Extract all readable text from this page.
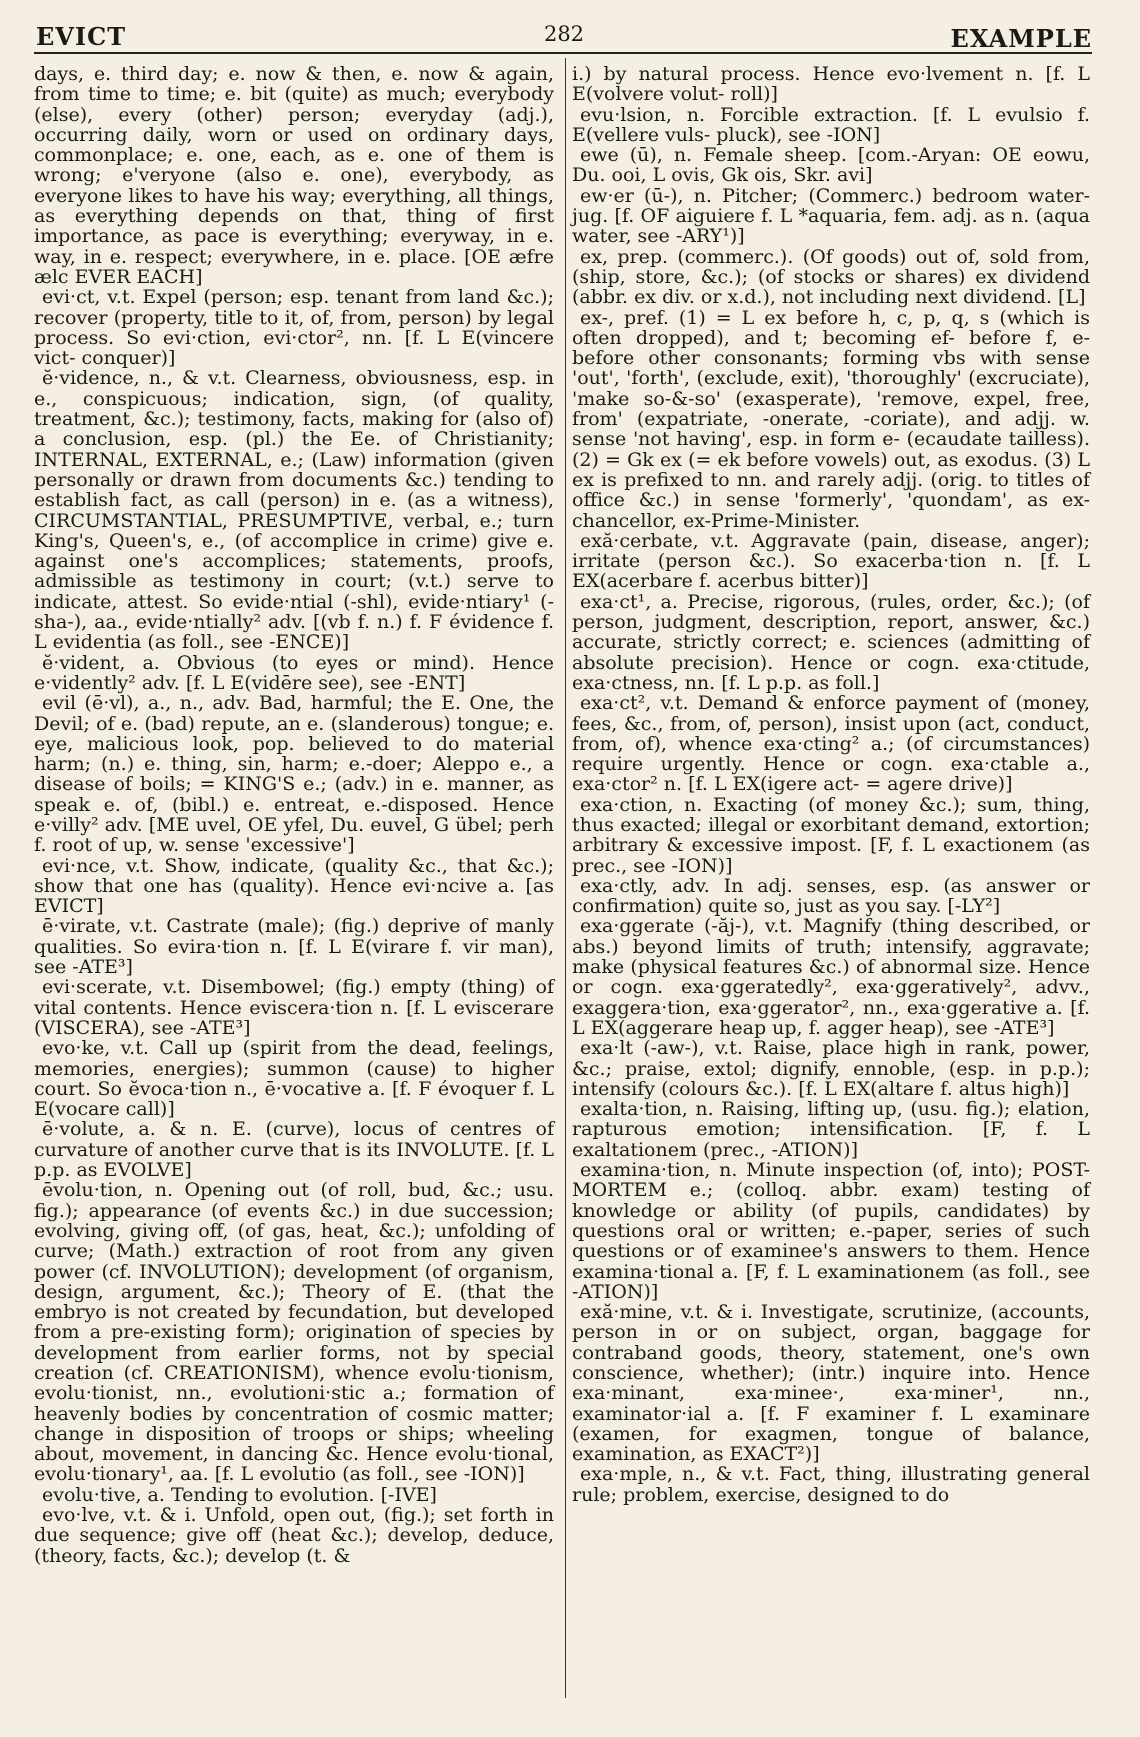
EVICT	282	EXAMPLE

days, e. third day; e. now & then, e. now & again, from time to time; e. bit (quite) as much; everybody (else), every (other) person; everyday (adj.), occurring daily, worn or used on ordinary days, commonplace; e. one, each, as e. one of them is wrong; e'veryone (also e. one), everybody, as everyone likes to have his way; everything, all things, as everything depends on that, thing of first importance, as pace is everything; everyway, in e. way, in e. respect; everywhere, in e. place. [OE æfre ælc EVER EACH]

evi·ct, v.t. Expel (person; esp. tenant from land &c.); recover (property, title to it, of, from, person) by legal process. So evi·ction, evi·ctor², nn. [f. L E(vincere vict- conquer)]

ĕ·vidence, n., & v.t. Clearness, obviousness, esp. in e., conspicuous; indication, sign, (of quality, treatment, &c.); testimony, facts, making for (also of) a conclusion, esp. (pl.) the Ee. of Christianity; INTERNAL, EXTERNAL, e.; (Law) information (given personally or drawn from documents &c.) tending to establish fact, as call (person) in e. (as a witness), CIRCUMSTANTIAL, PRESUMPTIVE, verbal, e.; turn King's, Queen's, e., (of accomplice in crime) give e. against one's accomplices; statements, proofs, admissible as testimony in court; (v.t.) serve to indicate, attest. So evide·ntial (-shl), evide·ntiary¹ (-sha-), aa., evide·ntially² adv. [(vb f. n.) f. F évidence f. L evidentia (as foll., see -ENCE)]

ĕ·vident, a. Obvious (to eyes or mind). Hence e·vidently² adv. [f. L E(vidēre see), see -ENT]

evil (ē·vl), a., n., adv. Bad, harmful; the E. One, the Devil; of e. (bad) repute, an e. (slanderous) tongue; e. eye, malicious look, pop. believed to do material harm; (n.) e. thing, sin, harm; e.-doer; Aleppo e., a disease of boils; = KING'S e.; (adv.) in e. manner, as speak e. of, (bibl.) e. entreat, e.-disposed. Hence e·villy² adv. [ME uvel, OE yfel, Du. euvel, G übel; perh f. root of up, w. sense 'excessive']

evi·nce, v.t. Show, indicate, (quality &c., that &c.); show that one has (quality). Hence evi·ncive a. [as EVICT]

ē·virate, v.t. Castrate (male); (fig.) deprive of manly qualities. So evira·tion n. [f. L E(virare f. vir man), see -ATE³]

evi·scerate, v.t. Disembowel; (fig.) empty (thing) of vital contents. Hence eviscera·tion n. [f. L eviscerare (VISCERA), see -ATE³]

evo·ke, v.t. Call up (spirit from the dead, feelings, memories, energies); summon (cause) to higher court. So ĕvoca·tion n., ē·vocative a. [f. F évoquer f. L E(vocare call)]

ē·volute, a. & n. E. (curve), locus of centres of curvature of another curve that is its INVOLUTE. [f. L p.p. as EVOLVE]

ēvolu·tion, n. Opening out (of roll, bud, &c.; usu. fig.); appearance (of events &c.) in due succession; evolving, giving off, (of gas, heat, &c.); unfolding of curve; (Math.) extraction of root from any given power (cf. INVOLUTION); development (of organism, design, argument, &c.); Theory of E. (that the embryo is not created by fecundation, but developed from a pre-existing form); origination of species by development from earlier forms, not by special creation (cf. CREATIONISM), whence evolu·tionism, evolu·tionist, nn., evolutioni·stic a.; formation of heavenly bodies by concentration of cosmic matter; change in disposition of troops or ships; wheeling about, movement, in dancing &c. Hence evolu·tional, evolu·tionary¹, aa. [f. L evolutio (as foll., see -ION)]

evolu·tive, a. Tending to evolution. [-IVE]

evo·lve, v.t. & i. Unfold, open out, (fig.); set forth in due sequence; give off (heat &c.); develop, deduce, (theory, facts, &c.); develop (t. &

i.) by natural process. Hence evo·lvement n. [f. L E(volvere volut- roll)]

evu·lsion, n. Forcible extraction. [f. L evulsio f. E(vellere vuls- pluck), see -ION]

ewe (ū), n. Female sheep. [com.-Aryan: OE eowu, Du. ooi, L ovis, Gk ois, Skr. avi]

ew·er (ū-), n. Pitcher; (Commerc.) bedroom water-jug. [f. OF aiguiere f. L *aquaria, fem. adj. as n. (aqua water, see -ARY¹)]

ex, prep. (commerc.). (Of goods) out of, sold from, (ship, store, &c.); (of stocks or shares) ex dividend (abbr. ex div. or x.d.), not including next dividend. [L]

ex-, pref. (1) = L ex before h, c, p, q, s (which is often dropped), and t; becoming ef- before f, e- before other consonants; forming vbs with sense 'out', 'forth', (exclude, exit), 'thoroughly' (excruciate), 'make so-&-so' (exasperate), 'remove, expel, free, from' (expatriate, -onerate, -coriate), and adjj. w. sense 'not having', esp. in form e- (ecaudate tailless). (2) = Gk ex (= ek before vowels) out, as exodus. (3) L ex is prefixed to nn. and rarely adjj. (orig. to titles of office &c.) in sense 'formerly', 'quondam', as ex-chancellor, ex-Prime-Minister.

exă·cerbate, v.t. Aggravate (pain, disease, anger); irritate (person &c.). So exacerba·tion n. [f. L EX(acerbare f. acerbus bitter)]

exa·ct¹, a. Precise, rigorous, (rules, order, &c.); (of person, judgment, description, report, answer, &c.) accurate, strictly correct; e. sciences (admitting of absolute precision). Hence or cogn. exa·ctitude, exa·ctness, nn. [f. L p.p. as foll.]

exa·ct², v.t. Demand & enforce payment of (money, fees, &c., from, of, person), insist upon (act, conduct, from, of), whence exa·cting² a.; (of circumstances) require urgently. Hence or cogn. exa·ctable a., exa·ctor² n. [f. L EX(igere act- = agere drive)]

exa·ction, n. Exacting (of money &c.); sum, thing, thus exacted; illegal or exorbitant demand, extortion; arbitrary & excessive impost. [F, f. L exactionem (as prec., see -ION)]

exa·ctly, adv. In adj. senses, esp. (as answer or confirmation) quite so, just as you say. [-LY²]

exa·ggerate (-ăj-), v.t. Magnify (thing described, or abs.) beyond limits of truth; intensify, aggravate; make (physical features &c.) of abnormal size. Hence or cogn. exa·ggeratedly², exa·ggeratively², advv., exaggera·tion, exa·ggerator², nn., exa·ggerative a. [f. L EX(aggerare heap up, f. agger heap), see -ATE³]

exa·lt (-aw-), v.t. Raise, place high in rank, power, &c.; praise, extol; dignify, ennoble, (esp. in p.p.); intensify (colours &c.). [f. L EX(altare f. altus high)]

exalta·tion, n. Raising, lifting up, (usu. fig.); elation, rapturous emotion; intensification. [F, f. L exaltationem (prec., -ATION)]

examina·tion, n. Minute inspection (of, into); POST-MORTEM e.; (colloq. abbr. exam) testing of knowledge or ability (of pupils, candidates) by questions oral or written; e.-paper, series of such questions or of examinee's answers to them. Hence examina·tional a. [F, f. L examinationem (as foll., see -ATION)]

exă·mine, v.t. & i. Investigate, scrutinize, (accounts, person in or on subject, organ, baggage for contraband goods, theory, statement, one's own conscience, whether); (intr.) inquire into. Hence exa·minant, exa·minee·, exa·miner¹, nn., examinator·ial a. [f. F examiner f. L examinare (examen, for exagmen, tongue of balance, examination, as EXACT²)]

exa·mple, n., & v.t. Fact, thing, illustrating general rule; problem, exercise, designed to do
